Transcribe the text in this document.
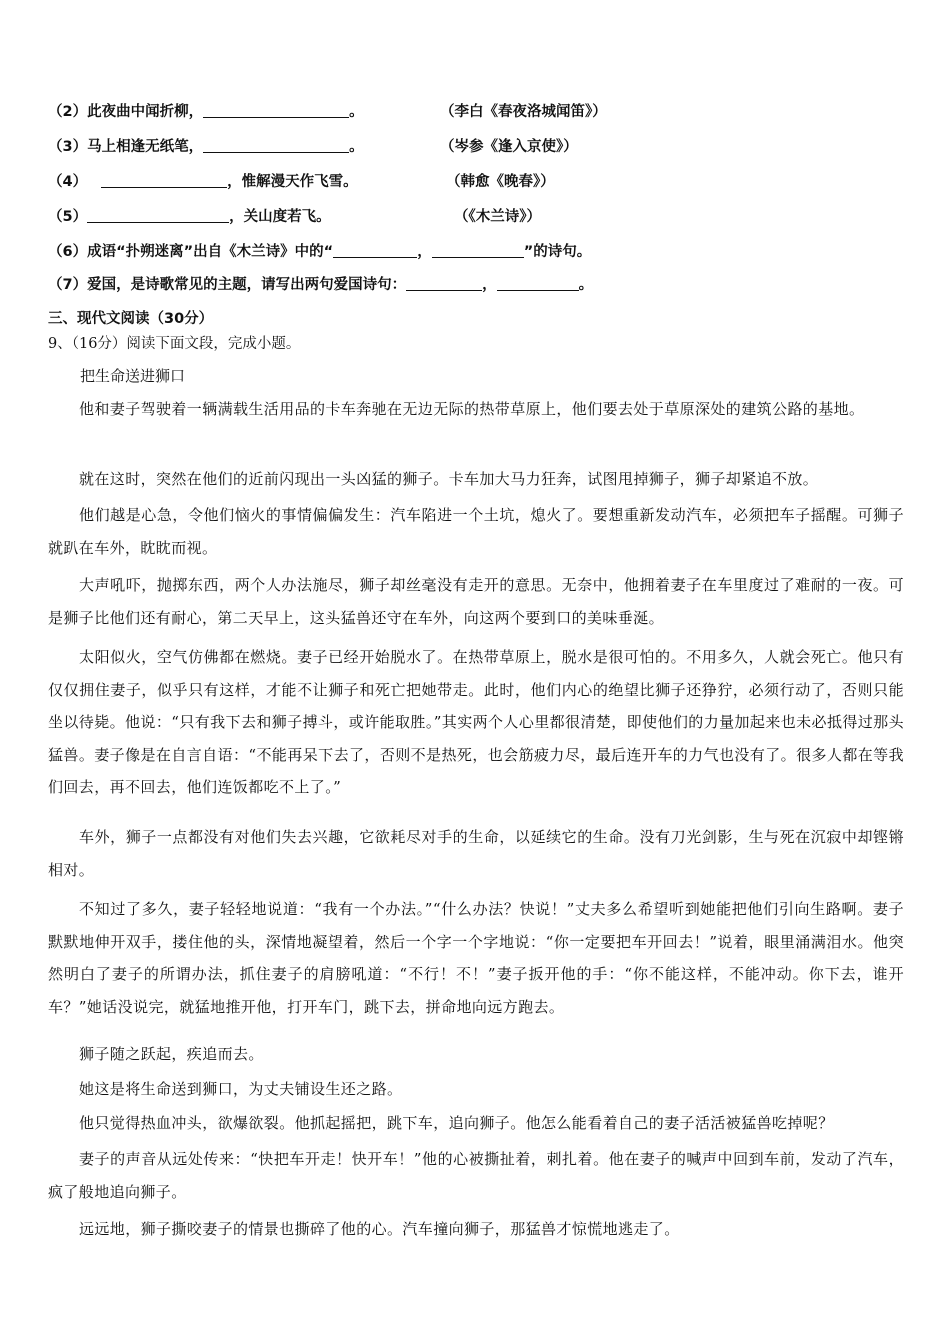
（2）此夜曲中闻折柳，	。	（李白《春夜洛城闻笛》）
（3）马上相逢无纸笔，	。	（岑参《逢入京使》）
（4）	，惟解漫天作飞雪。	（韩愈《晚春》）
（5）	，关山度若飞。	（《木兰诗》）
（6）成语“扑朔迷离”出自《木兰诗》中的“	，	”的诗句。
（7）爱国，是诗歌常见的主题，请写出两句爱国诗句：	，	。
三、现代文阅读（30分）
9、（16分）阅读下面文段，完成小题。
把生命送进狮口
他和妻子驾驶着一辆满载生活用品的卡车奔驰在无边无际的热带草原上，他们要去处于草原深处的建筑公路的基地。
就在这时，突然在他们的近前闪现出一头凶猛的狮子。卡车加大马力狂奔，试图甩掉狮子，狮子却紧追不放。
他们越是心急，令他们恼火的事情偏偏发生：汽车陷进一个土坑，熄火了。要想重新发动汽车，必须把车子摇醒。可狮子就趴在车外，眈眈而视。
大声吼吓，抛掷东西，两个人办法施尽，狮子却丝毫没有走开的意思。无奈中，他拥着妻子在车里度过了难耐的一夜。可是狮子比他们还有耐心，第二天早上，这头猛兽还守在车外，向这两个要到口的美味垂涎。
太阳似火，空气仿佛都在燃烧。妻子已经开始脱水了。在热带草原上，脱水是很可怕的。不用多久，人就会死亡。他只有仅仅拥住妻子，似乎只有这样，才能不让狮子和死亡把她带走。此时，他们内心的绝望比狮子还狰狞，必须行动了，否则只能坐以待毙。他说：“只有我下去和狮子搏斗，或许能取胜。”其实两个人心里都很清楚，即使他们的力量加起来也未必抵得过那头猛兽。妻子像是在自言自语：“不能再呆下去了，否则不是热死，也会筋疲力尽，最后连开车的力气也没有了。很多人都在等我们回去，再不回去，他们连饭都吃不上了。”
车外，狮子一点都没有对他们失去兴趣，它欲耗尽对手的生命，以延续它的生命。没有刀光剑影，生与死在沉寂中却铿锵相对。
不知过了多久，妻子轻轻地说道：“我有一个办法。”“什么办法？快说！”丈夫多么希望听到她能把他们引向生路啊。妻子默默地伸开双手，搂住他的头，深情地凝望着，然后一个字一个字地说：“你一定要把车开回去！”说着，眼里涌满泪水。他突然明白了妻子的所谓办法，抓住妻子的肩膀吼道：“不行！不！”妻子扳开他的手：“你不能这样，不能冲动。你下去，谁开车？”她话没说完，就猛地推开他，打开车门，跳下去，拼命地向远方跑去。
狮子随之跃起，疾追而去。
她这是将生命送到狮口，为丈夫铺设生还之路。
他只觉得热血冲头，欲爆欲裂。他抓起摇把，跳下车，追向狮子。他怎么能看着自己的妻子活活被猛兽吃掉呢？
妻子的声音从远处传来：“快把车开走！快开车！”他的心被撕扯着，刺扎着。他在妻子的喊声中回到车前，发动了汽车，疯了般地追向狮子。
远远地，狮子撕咬妻子的情景也撕碎了他的心。汽车撞向狮子，那猛兽才惊慌地逃走了。
